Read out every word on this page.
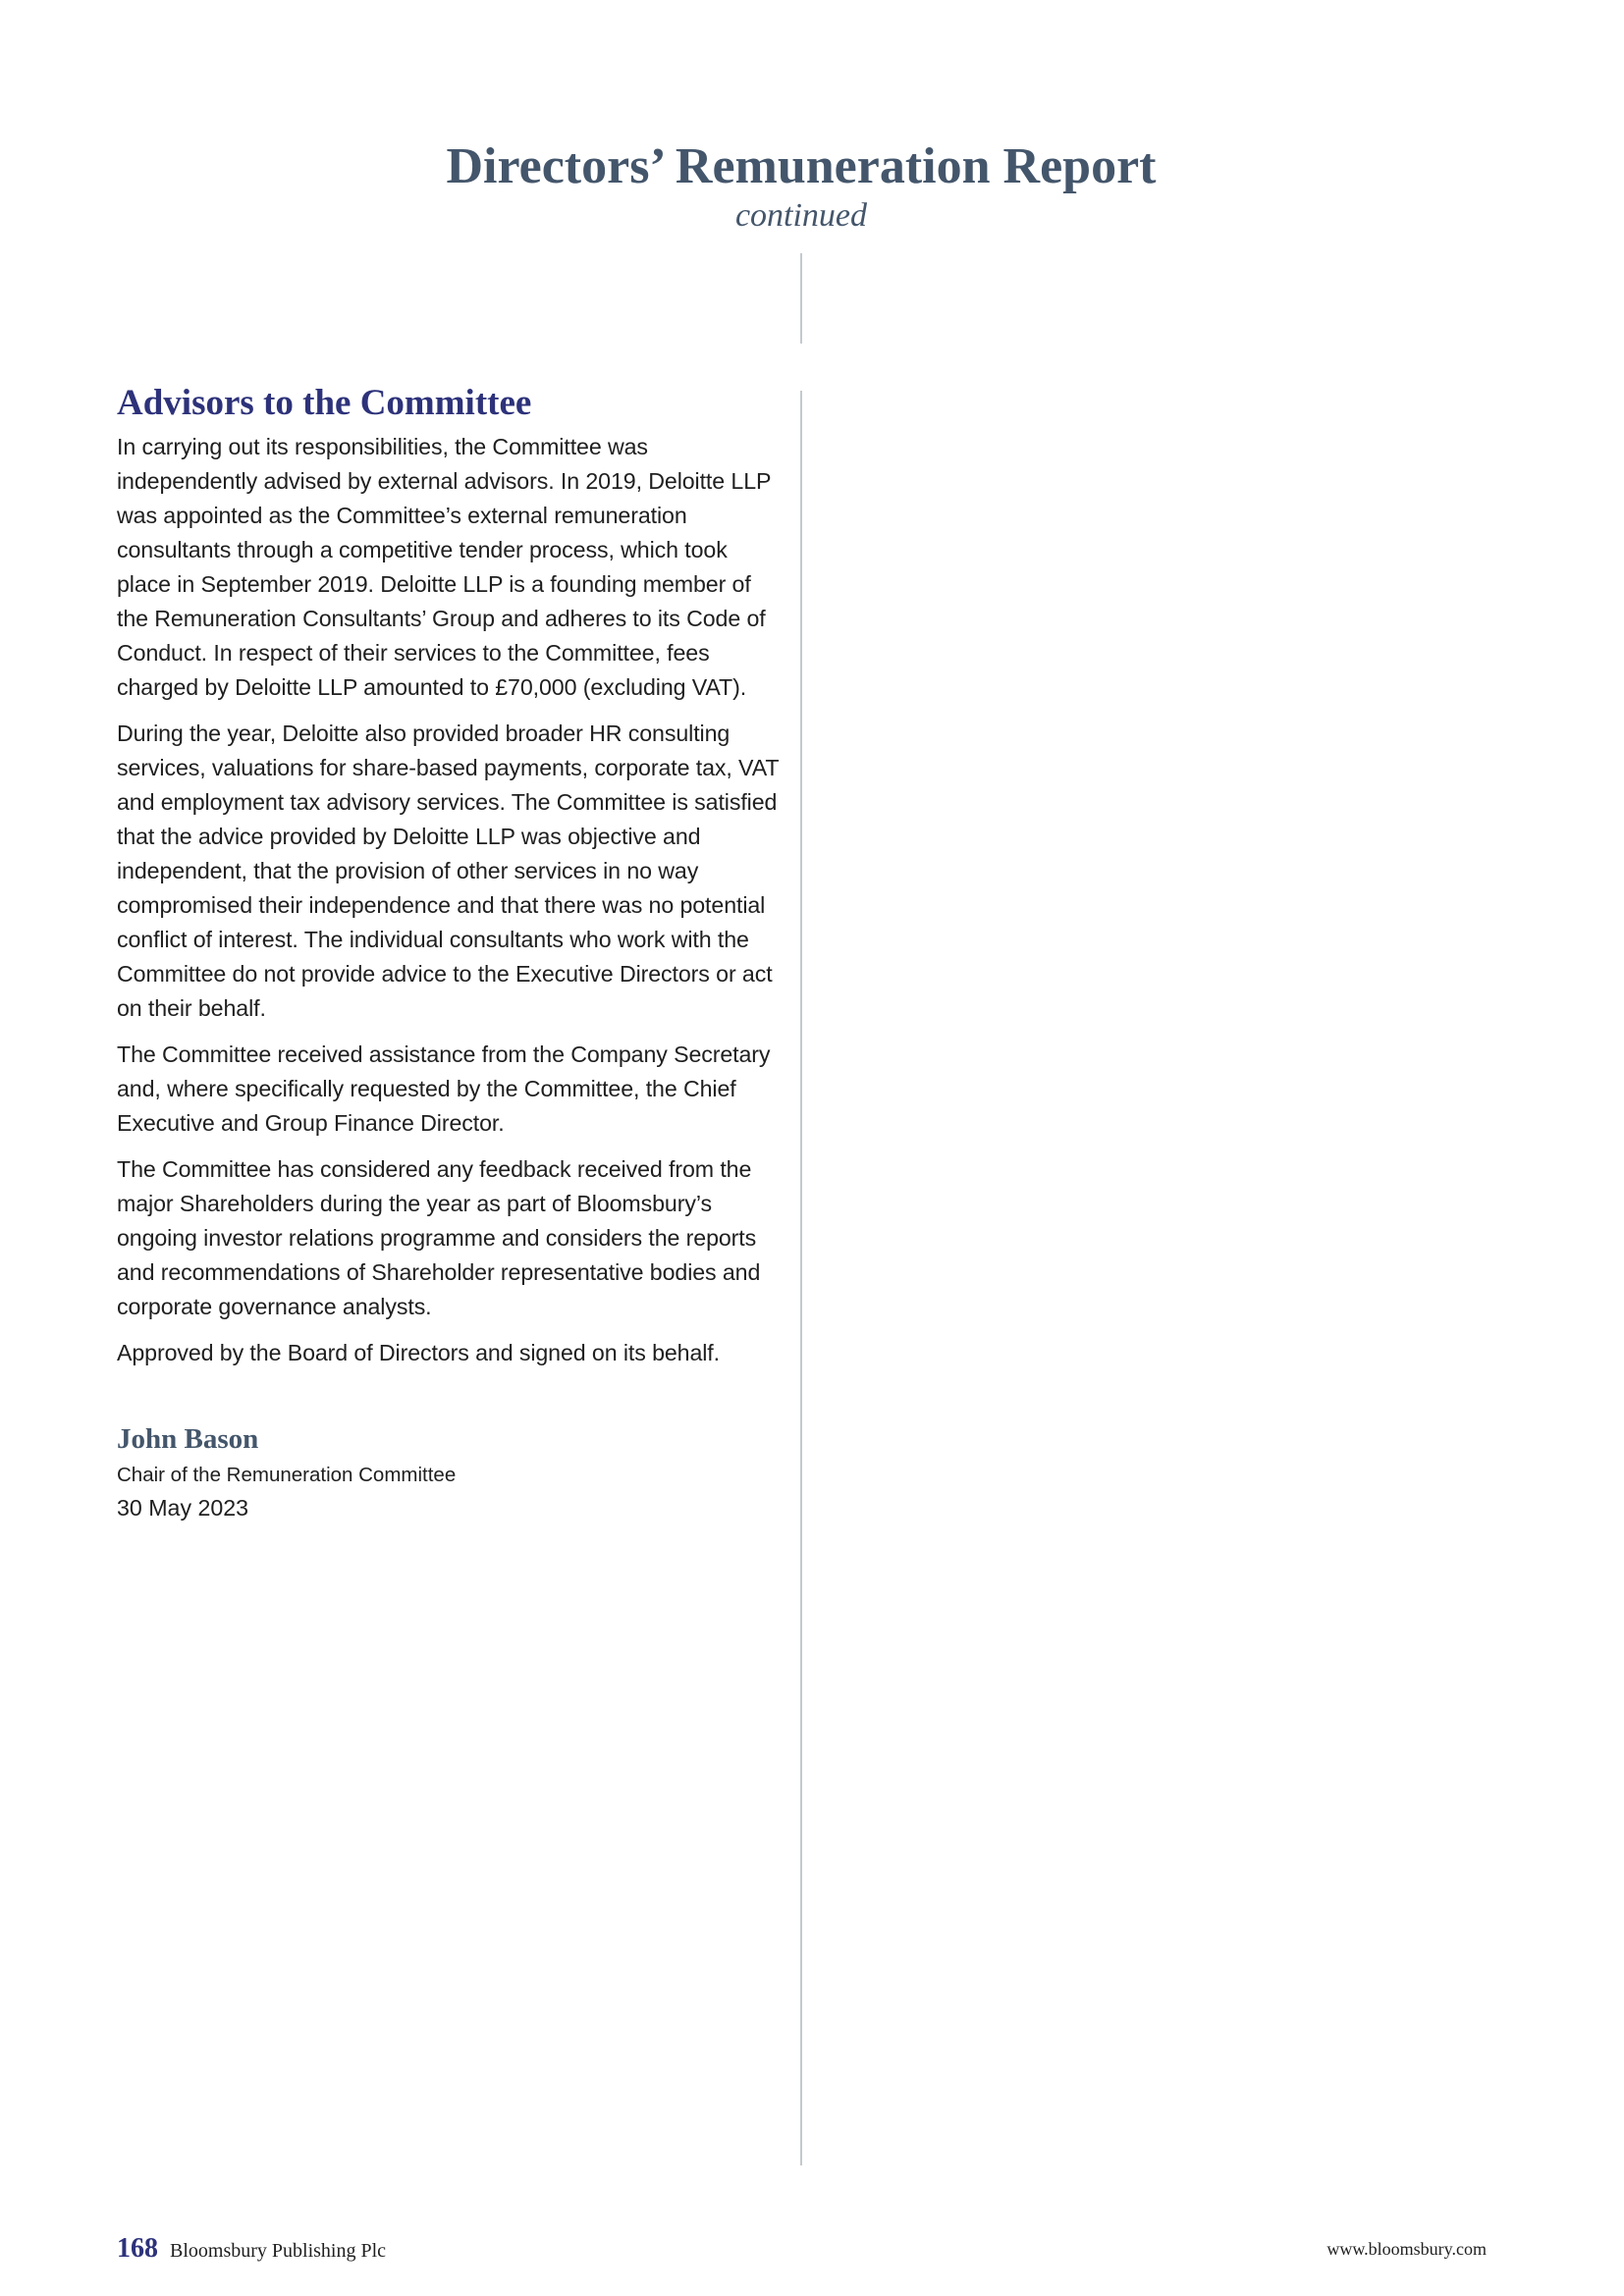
Directors’ Remuneration Report
continued
Advisors to the Committee

In carrying out its responsibilities, the Committee was independently advised by external advisors. In 2019, Deloitte LLP was appointed as the Committee’s external remuneration consultants through a competitive tender process, which took place in September 2019. Deloitte LLP is a founding member of the Remuneration Consultants’ Group and adheres to its Code of Conduct. In respect of their services to the Committee, fees charged by Deloitte LLP amounted to £70,000 (excluding VAT).

During the year, Deloitte also provided broader HR consulting services, valuations for share-based payments, corporate tax, VAT and employment tax advisory services. The Committee is satisfied that the advice provided by Deloitte LLP was objective and independent, that the provision of other services in no way compromised their independence and that there was no potential conflict of interest. The individual consultants who work with the Committee do not provide advice to the Executive Directors or act on their behalf.

The Committee received assistance from the Company Secretary and, where specifically requested by the Committee, the Chief Executive and Group Finance Director.

The Committee has considered any feedback received from the major Shareholders during the year as part of Bloomsbury’s ongoing investor relations programme and considers the reports and recommendations of Shareholder representative bodies and corporate governance analysts.

Approved by the Board of Directors and signed on its behalf.

John Bason
Chair of the Remuneration Committee
30 May 2023
168 Bloomsbury Publishing Plc	www.bloomsbury.com
